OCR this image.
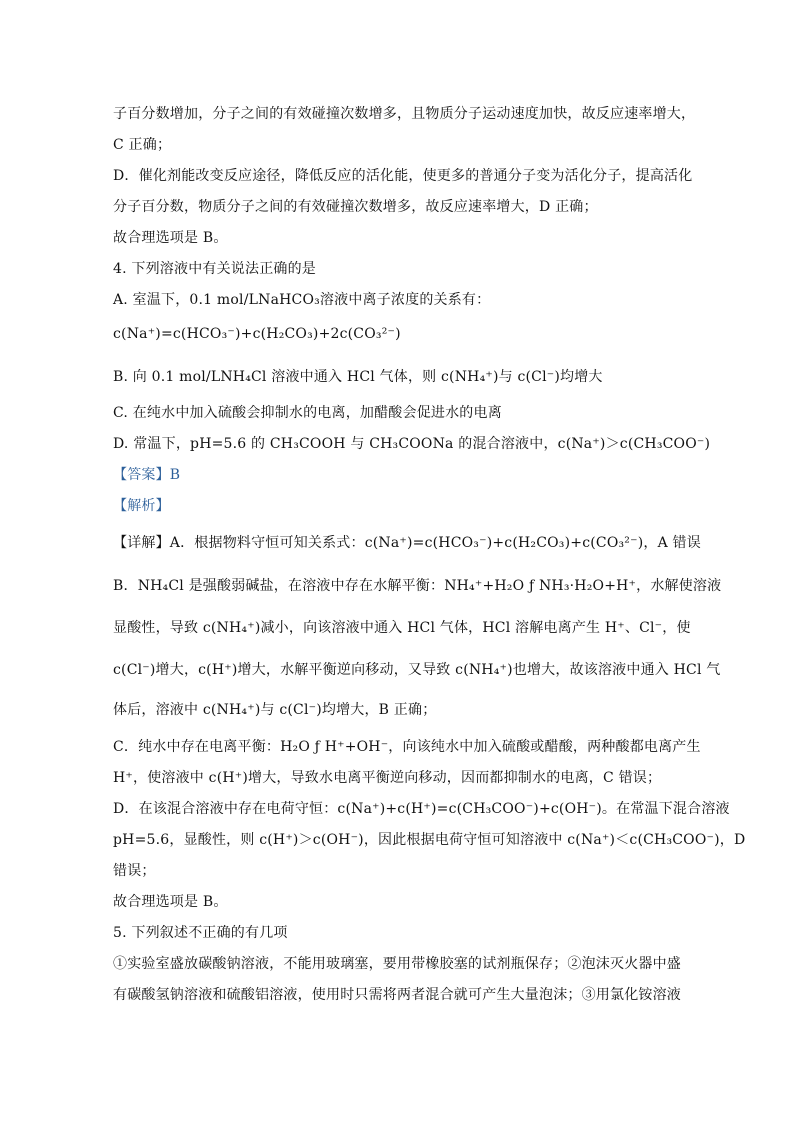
子百分数增加，分子之间的有效碰撞次数增多，且物质分子运动速度加快，故反应速率增大，
C 正确；
D．催化剂能改变反应途径，降低反应的活化能，使更多的普通分子变为活化分子，提高活化
分子百分数，物质分子之间的有效碰撞次数增多，故反应速率增大，D 正确；
故合理选项是 B。
4. 下列溶液中有关说法正确的是
A. 室温下，0.1 mol/LNaHCO₃溶液中离子浓度的关系有：
c(Na⁺)=c(HCO₃⁻)+c(H₂CO₃)+2c(CO₃²⁻)
B. 向 0.1 mol/LNH₄Cl 溶液中通入 HCl 气体，则 c(NH₄⁺)与 c(Cl⁻)均增大
C. 在纯水中加入硫酸会抑制水的电离，加醋酸会促进水的电离
D. 常温下，pH=5.6 的 CH₃COOH 与 CH₃COONa 的混合溶液中，c(Na⁺)＞c(CH₃COO⁻)
【答案】B
【解析】
【详解】A．根据物料守恒可知关系式：c(Na⁺)=c(HCO₃⁻)+c(H₂CO₃)+c(CO₃²⁻)，A 错误
B．NH₄Cl 是强酸弱碱盐，在溶液中存在水解平衡：NH₄⁺+H₂O ƒ NH₃·H₂O+H⁺，水解使溶液
显酸性，导致 c(NH₄⁺)减小，向该溶液中通入 HCl 气体，HCl 溶解电离产生 H⁺、Cl⁻，使
c(Cl⁻)增大，c(H⁺)增大，水解平衡逆向移动，又导致 c(NH₄⁺)也增大，故该溶液中通入 HCl 气
体后，溶液中 c(NH₄⁺)与 c(Cl⁻)均增大，B 正确；
C．纯水中存在电离平衡：H₂O ƒ H⁺+OH⁻，向该纯水中加入硫酸或醋酸，两种酸都电离产生
H⁺，使溶液中 c(H⁺)增大，导致水电离平衡逆向移动，因而都抑制水的电离，C 错误；
D．在该混合溶液中存在电荷守恒：c(Na⁺)+c(H⁺)=c(CH₃COO⁻)+c(OH⁻)。在常温下混合溶液
pH=5.6，显酸性，则 c(H⁺)＞c(OH⁻)，因此根据电荷守恒可知溶液中 c(Na⁺)＜c(CH₃COO⁻)，D
错误；
故合理选项是 B。
5. 下列叙述不正确的有几项
①实验室盛放碳酸钠溶液，不能用玻璃塞，要用带橡胶塞的试剂瓶保存；②泡沫灭火器中盛
有碳酸氢钠溶液和硫酸铝溶液，使用时只需将两者混合就可产生大量泡沫；③用氯化铵溶液
